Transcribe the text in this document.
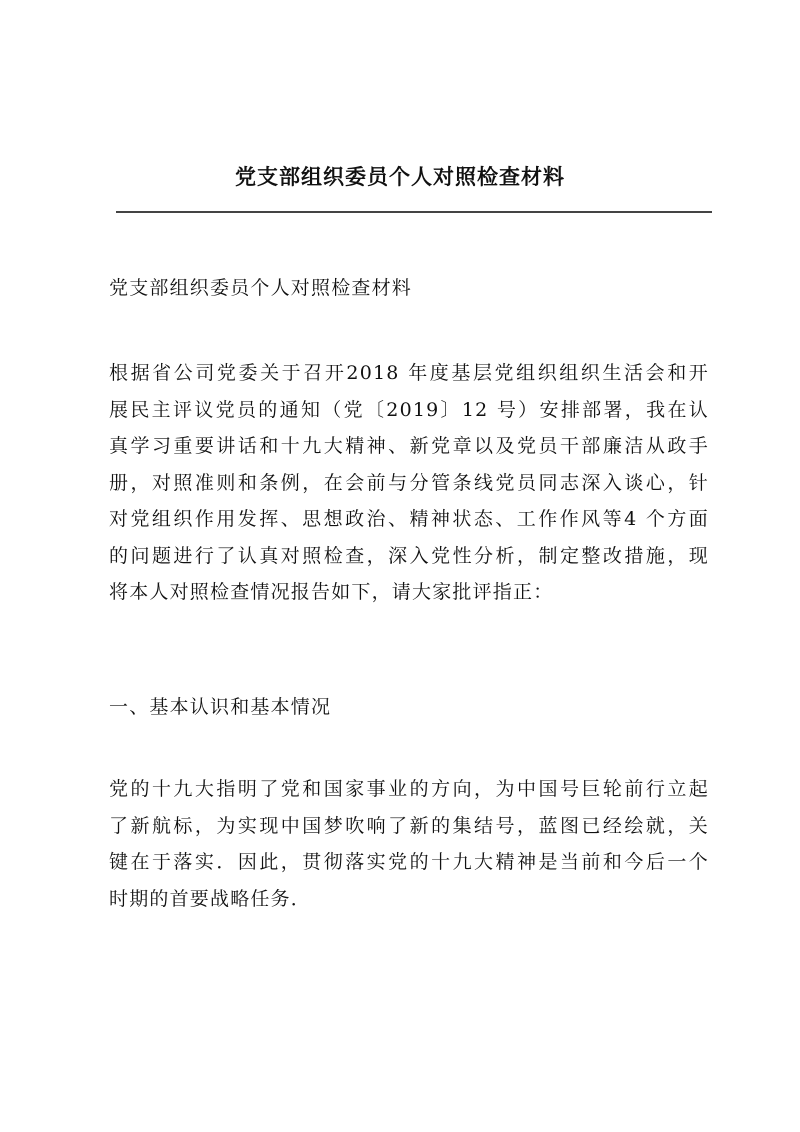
党支部组织委员个人对照检查材料

党支部组织委员个人对照检查材料

根据省公司党委关于召开2018 年度基层党组织组织生活会和开
展民主评议党员的通知（党〔2019〕12 号）安排部署，我在认
真学习重要讲话和十九大精神、新党章以及党员干部廉洁从政手
册，对照准则和条例，在会前与分管条线党员同志深入谈心，针
对党组织作用发挥、思想政治、精神状态、工作作风等4 个方面
的问题进行了认真对照检查，深入党性分析，制定整改措施，现
将本人对照检查情况报告如下，请大家批评指正：

一、基本认识和基本情况

党的十九大指明了党和国家事业的方向，为中国号巨轮前行立起
了新航标，为实现中国梦吹响了新的集结号，蓝图已经绘就，关
键在于落实．因此，贯彻落实党的十九大精神是当前和今后一个
时期的首要战略任务．
